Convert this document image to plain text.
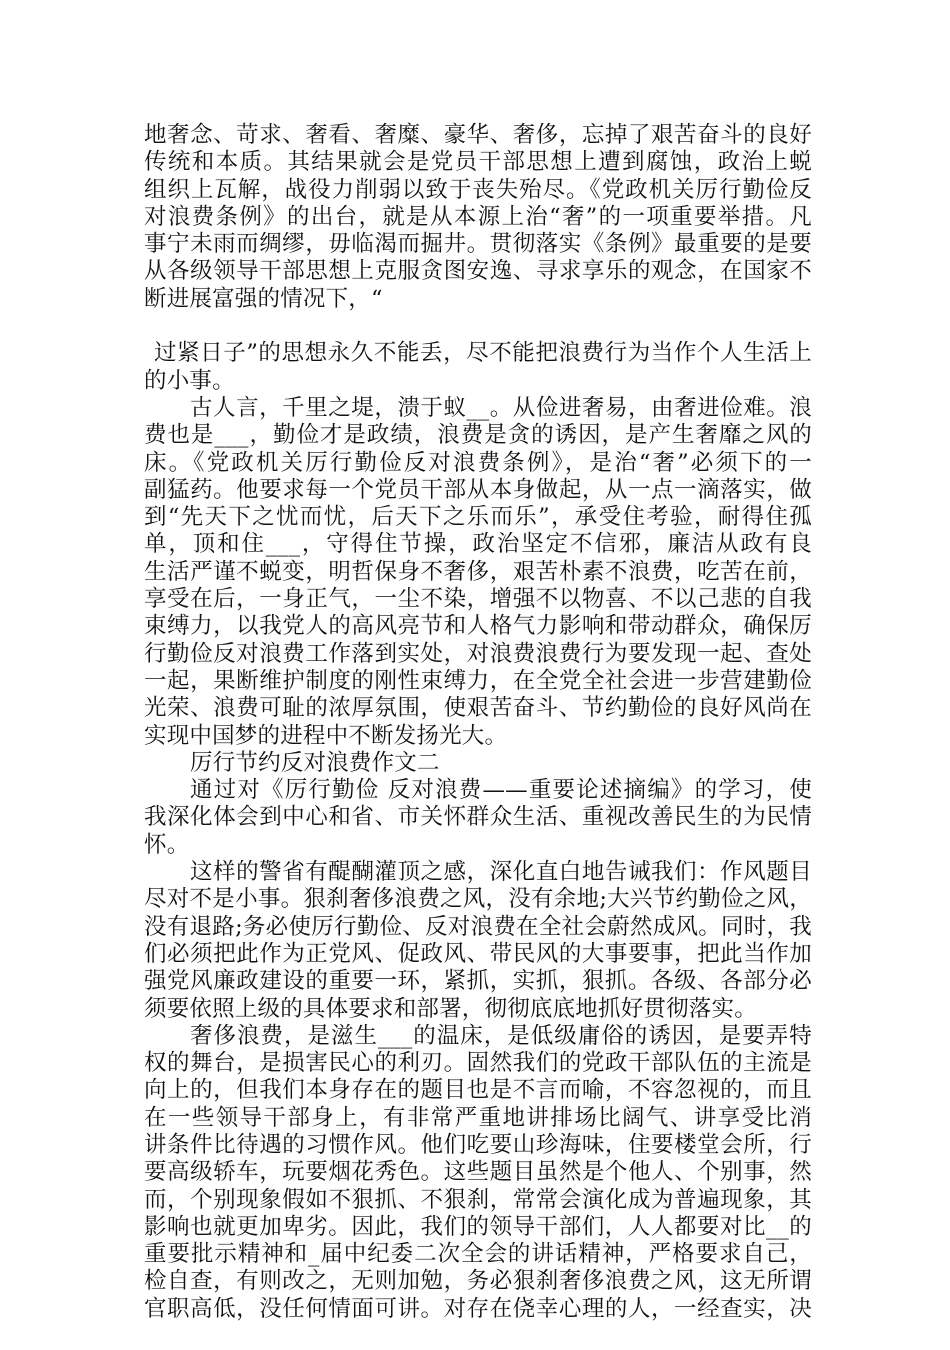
地奢念、苛求、奢看、奢糜、豪华、奢侈，忘掉了艰苦奋斗的良好
传统和本质。其结果就会是党员干部思想上遭到腐蚀，政治上蜕
组织上瓦解，战役力削弱以致于丧失殆尽。《党政机关厉行勤俭反
对浪费条例》的出台，就是从本源上治“奢”的一项重要举措。凡
事宁未雨而绸缪，毋临渴而掘井。贯彻落实《条例》最重要的是要
从各级领导干部思想上克服贪图安逸、寻求享乐的观念，在国家不
断进展富强的情况下，“
过紧日子”的思想永久不能丢，尽不能把浪费行为当作个人生活上
的小事。
古人言，千里之堤，溃于蚁__。从俭进奢易，由奢进俭难。浪
费也是___，勤俭才是政绩，浪费是贪的诱因，是产生奢靡之风的
床。《党政机关厉行勤俭反对浪费条例》，是治“奢”必须下的一
副猛药。他要求每一个党员干部从本身做起，从一点一滴落实，做
到“先天下之忧而忧，后天下之乐而乐”，承受住考验，耐得住孤
单，顶和住___，守得住节操，政治坚定不信邪，廉洁从政有良
生活严谨不蜕变，明哲保身不奢侈，艰苦朴素不浪费，吃苦在前，
享受在后，一身正气，一尘不染，增强不以物喜、不以己悲的自我
束缚力，以我党人的高风亮节和人格气力影响和带动群众，确保厉
行勤俭反对浪费工作落到实处，对浪费浪费行为要发现一起、查处
一起，果断维护制度的刚性束缚力，在全党全社会进一步营建勤俭
光荣、浪费可耻的浓厚氛围，使艰苦奋斗、节约勤俭的良好风尚在
实现中国梦的进程中不断发扬光大。
厉行节约反对浪费作文二
通过对《厉行勤俭 反对浪费——重要论述摘编》的学习，使
我深化体会到中心和省、市关怀群众生活、重视改善民生的为民情
怀。
这样的警省有醍醐灌顶之感，深化直白地告诫我们：作风题目
尽对不是小事。狠刹奢侈浪费之风，没有余地;大兴节约勤俭之风，
没有退路;务必使厉行勤俭、反对浪费在全社会蔚然成风。同时，我
们必须把此作为正党风、促政风、带民风的大事要事，把此当作加
强党风廉政建设的重要一环，紧抓，实抓，狠抓。各级、各部分必
须要依照上级的具体要求和部署，彻彻底底地抓好贯彻落实。
奢侈浪费，是滋生___的温床，是低级庸俗的诱因，是要弄特
权的舞台，是损害民心的利刃。固然我们的党政干部队伍的主流是
向上的，但我们本身存在的题目也是不言而喻，不容忽视的，而且
在一些领导干部身上，有非常严重地讲排场比阔气、讲享受比消
讲条件比待遇的习惯作风。他们吃要山珍海味，住要楼堂会所，行
要高级轿车，玩要烟花秀色。这些题目虽然是个他人、个别事，然
而，个别现象假如不狠抓、不狠刹，常常会演化成为普遍现象，其
影响也就更加卑劣。因此，我们的领导干部们，人人都要对比__的
重要批示精神和_届中纪委二次全会的讲话精神，严格要求自己，
检自查，有则改之，无则加勉，务必狠刹奢侈浪费之风，这无所谓
官职高低，没任何情面可讲。对存在侥幸心理的人，一经查实，决
